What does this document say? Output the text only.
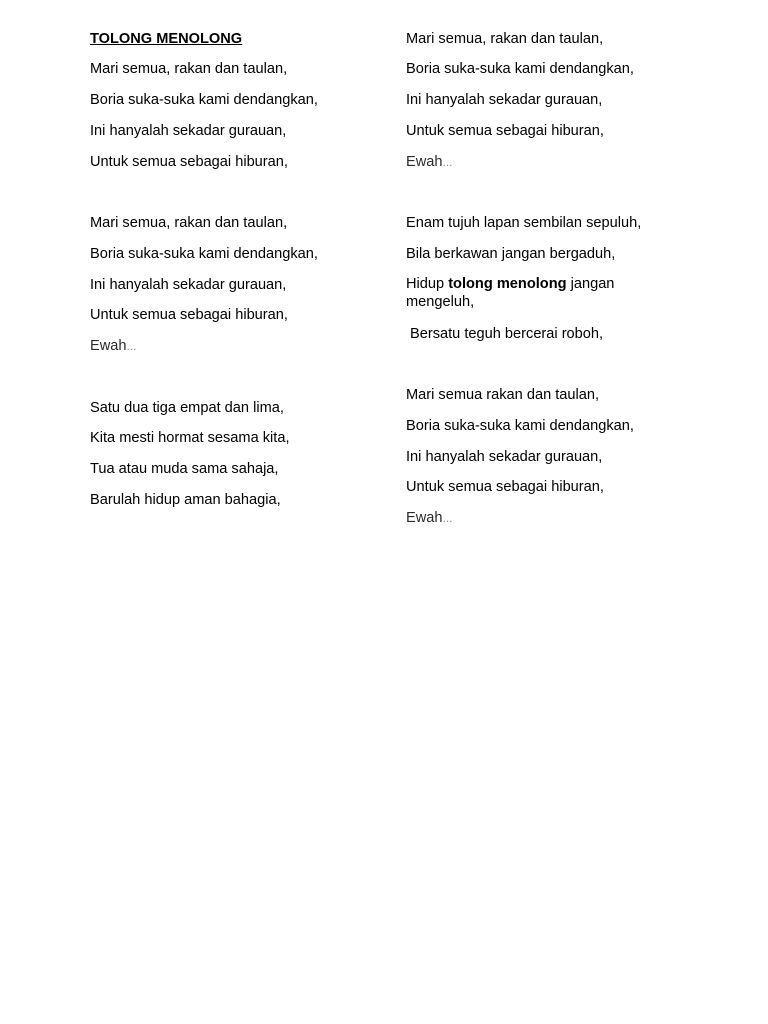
TOLONG MENOLONG
Mari semua, rakan dan taulan,
Boria suka-suka kami dendangkan,
Ini hanyalah sekadar gurauan,
Untuk semua sebagai hiburan,
Mari semua, rakan dan taulan,
Boria suka-suka kami dendangkan,
Ini hanyalah sekadar gurauan,
Untuk semua sebagai hiburan,
Ewah...
Satu dua tiga empat dan lima,
Kita mesti hormat sesama kita,
Tua atau muda sama sahaja,
Barulah hidup aman bahagia,
Mari semua, rakan dan taulan,
Boria suka-suka kami dendangkan,
Ini hanyalah sekadar gurauan,
Untuk semua sebagai hiburan,
Ewah...
Enam tujuh lapan sembilan sepuluh,
Bila berkawan jangan bergaduh,
Hidup tolong menolong jangan mengeluh,
Bersatu teguh bercerai roboh,
Mari semua rakan dan taulan,
Boria suka-suka kami dendangkan,
Ini hanyalah sekadar gurauan,
Untuk semua sebagai hiburan,
Ewah...
